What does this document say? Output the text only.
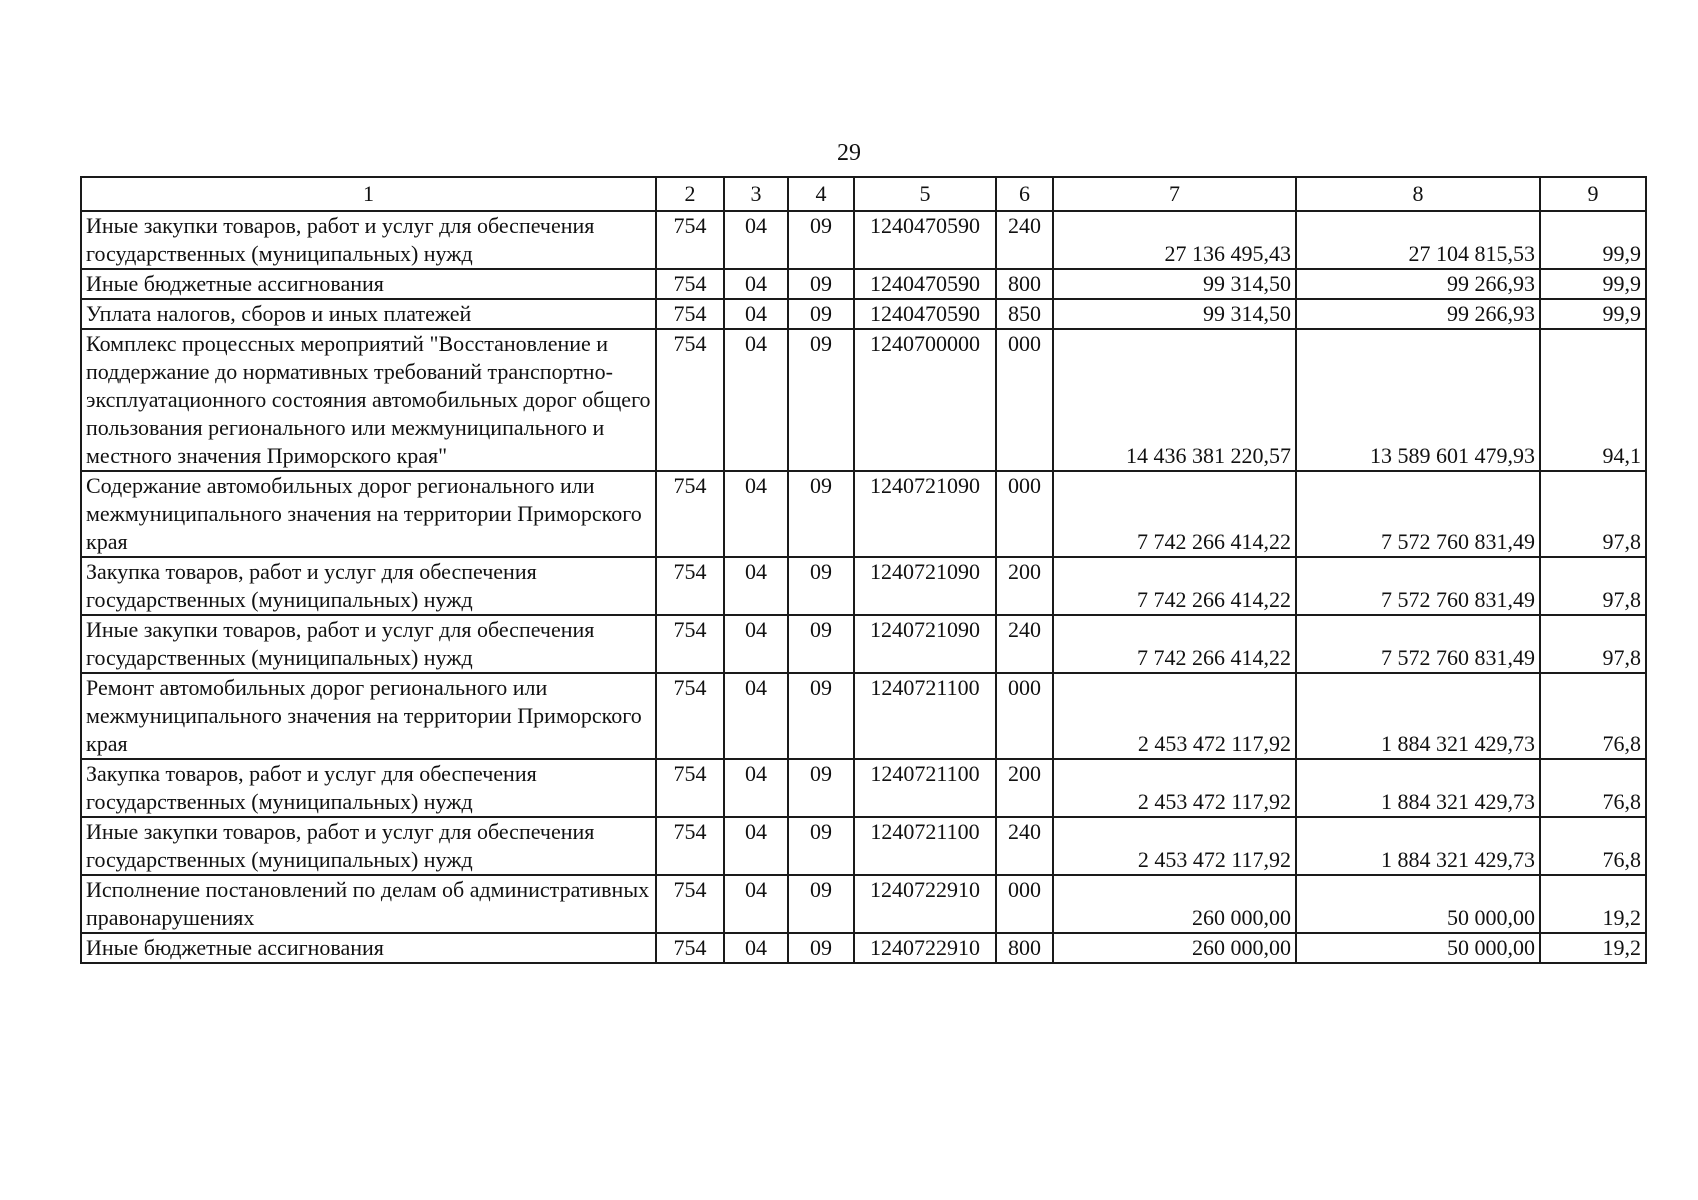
29
1	2	3	4	5	6	7	8	9
Иные закупки товаров, работ и услуг для обеспечения государственных (муниципальных) нужд	754	04	09	1240470590	240	27 136 495,43	27 104 815,53	99,9
Иные бюджетные ассигнования	754	04	09	1240470590	800	99 314,50	99 266,93	99,9
Уплата налогов, сборов и иных платежей	754	04	09	1240470590	850	99 314,50	99 266,93	99,9
Комплекс процессных мероприятий "Восстановление и поддержание до нормативных требований транспортно-эксплуатационного состояния автомобильных дорог общего пользования регионального или межмуниципального и местного значения Приморского края"	754	04	09	1240700000	000	14 436 381 220,57	13 589 601 479,93	94,1
Содержание автомобильных дорог регионального или межмуниципального значения на территории Приморского края	754	04	09	1240721090	000	7 742 266 414,22	7 572 760 831,49	97,8
Закупка товаров, работ и услуг для обеспечения государственных (муниципальных) нужд	754	04	09	1240721090	200	7 742 266 414,22	7 572 760 831,49	97,8
Иные закупки товаров, работ и услуг для обеспечения государственных (муниципальных) нужд	754	04	09	1240721090	240	7 742 266 414,22	7 572 760 831,49	97,8
Ремонт автомобильных дорог регионального или межмуниципального значения на территории Приморского края	754	04	09	1240721100	000	2 453 472 117,92	1 884 321 429,73	76,8
Закупка товаров, работ и услуг для обеспечения государственных (муниципальных) нужд	754	04	09	1240721100	200	2 453 472 117,92	1 884 321 429,73	76,8
Иные закупки товаров, работ и услуг для обеспечения государственных (муниципальных) нужд	754	04	09	1240721100	240	2 453 472 117,92	1 884 321 429,73	76,8
Исполнение постановлений по делам об административных правонарушениях	754	04	09	1240722910	000	260 000,00	50 000,00	19,2
Иные бюджетные ассигнования	754	04	09	1240722910	800	260 000,00	50 000,00	19,2
